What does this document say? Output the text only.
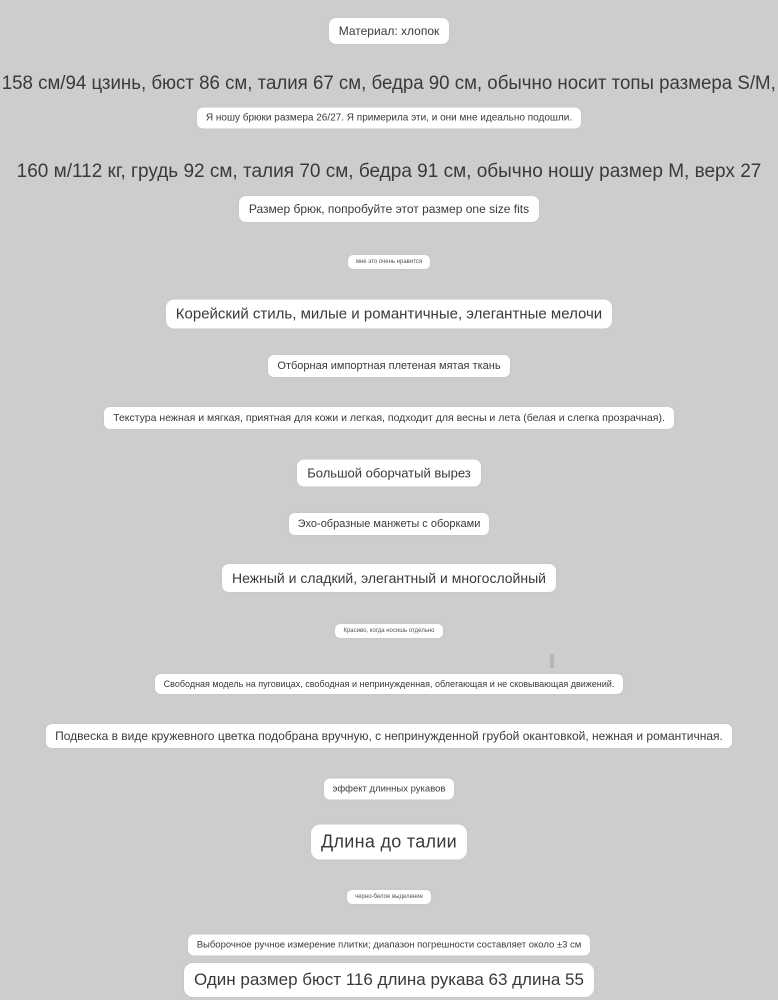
Материал: хлопок
158 см/94 цзинь, бюст 86 см, талия 67 см, бедра 90 см, обычно носит топы размера S/M,
Я ношу брюки размера 26/27. Я примерила эти, и они мне идеально подошли.
160 м/112 кг, грудь 92 см, талия 70 см, бедра 91 см, обычно ношу размер М, верх 27
Размер брюк, попробуйте этот размер one size fits
мне это очень нравится
Корейский стиль, милые и романтичные, элегантные мелочи
Отборная импортная плетеная мятая ткань
Текстура нежная и мягкая, приятная для кожи и легкая, подходит для весны и лета (белая и слегка прозрачная).
Большой оборчатый вырез
Эхо-образные манжеты с оборками
Нежный и сладкий, элегантный и многослойный
Красиво, когда носишь отдельно
Свободная модель на пуговицах, свободная и непринужденная, облегающая и не сковывающая движений.
Подвеска в виде кружевного цветка подобрана вручную, с непринужденной грубой окантовкой, нежная и романтичная.
эффект длинных рукавов
Длина до талии
черно-белое выделение
Выборочное ручное измерение плитки; диапазон погрешности составляет около ±3 см
Один размер бюст 116 длина рукава 63 длина 55
